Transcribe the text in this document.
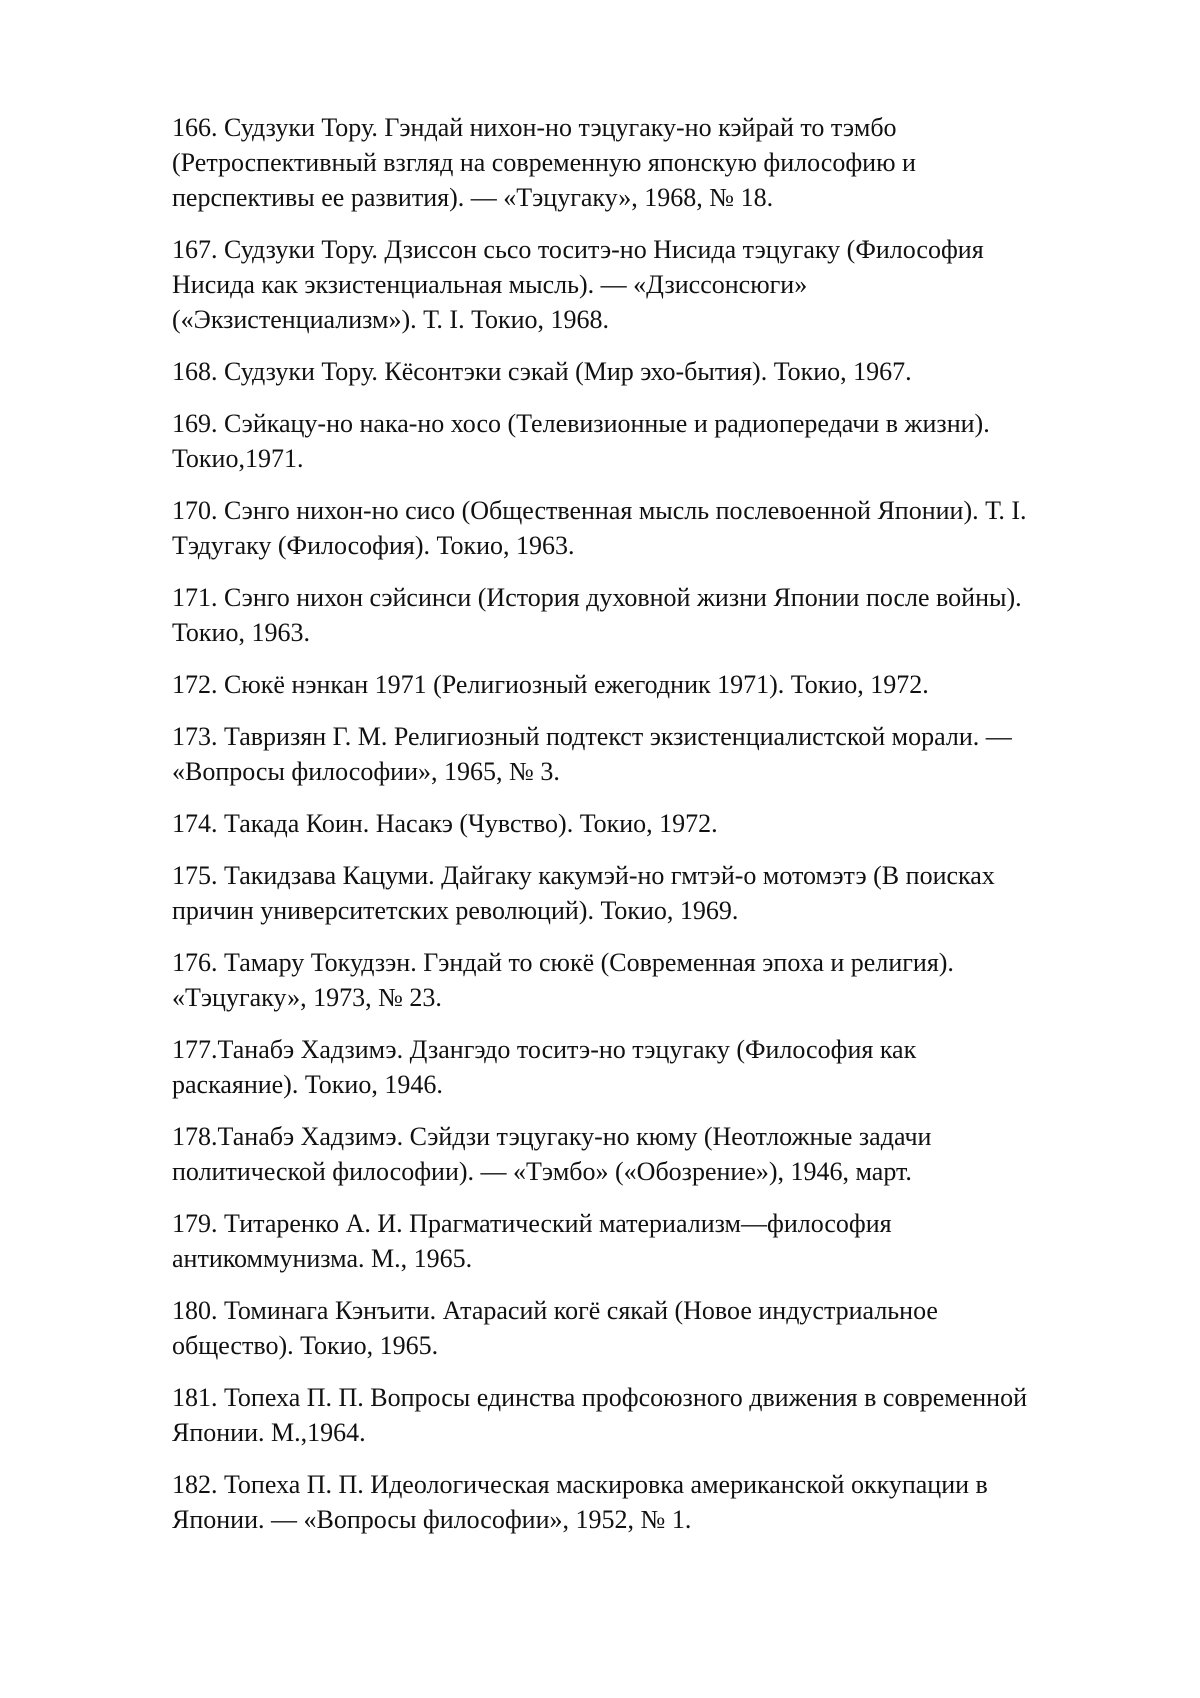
166. Судзуки Тору. Гэндай нихон-но тэцугаку-но кэйрай то тэмбо
(Ретроспективный взгляд на современную японскую философию и
перспективы ее развития). — «Тэцугаку», 1968, № 18.

167. Судзуки Тору. Дзиссон сьсо тоситэ-но Нисида тэцугаку (Философия
Нисида как экзистенциальная мысль). — «Дзиссонсюги»
(«Экзистенциализм»). Т. I. Токио, 1968.

168. Судзуки Тору. Кёсонтэки сэкай (Мир эхо-бытия). Токио, 1967.

169. Сэйкацу-но нака-но хосо (Телевизионные и радиопередачи в жизни).
Токио,1971.

170. Сэнго нихон-но сисо (Общественная мысль послевоенной Японии). Т. I.
Тэдугаку (Философия). Токио, 1963.

171. Сэнго нихон сэйсинси (История духовной жизни Японии после войны).
Токио, 1963.

172. Сюкё нэнкан 1971 (Религиозный ежегодник 1971). Токио, 1972.

173. Тавризян Г. М. Религиозный подтекст экзистенциалистской морали. —
«Вопросы философии», 1965, № 3.

174. Такада Коин. Насакэ (Чувство). Токио, 1972.

175. Такидзава Кацуми. Дайгаку какумэй-но гмтэй-о мотомэтэ (В поисках
причин университетских революций). Токио, 1969.

176. Тамару Токудзэн. Гэндай то сюкё (Современная эпоха и религия).
«Тэцугаку», 1973, № 23.

177.Танабэ Хадзимэ. Дзангэдо тоситэ-но тэцугаку (Философия как
раскаяние). Токио, 1946.

178.Танабэ Хадзимэ. Сэйдзи тэцугаку-но кюму (Неотложные задачи
политической философии). — «Тэмбо» («Обозрение»), 1946, март.

179. Титаренко А. И. Прагматический материализм—философия
антикоммунизма. М., 1965.

180. Томинага Кэнъити. Атарасий когё сякай (Новое индустриальное
общество). Токио, 1965.

181. Топеха П. П. Вопросы единства профсоюзного движения в современной
Японии. М.,1964.

182. Топеха П. П. Идеологическая маскировка американской оккупации в
Японии. — «Вопросы философии», 1952, № 1.
